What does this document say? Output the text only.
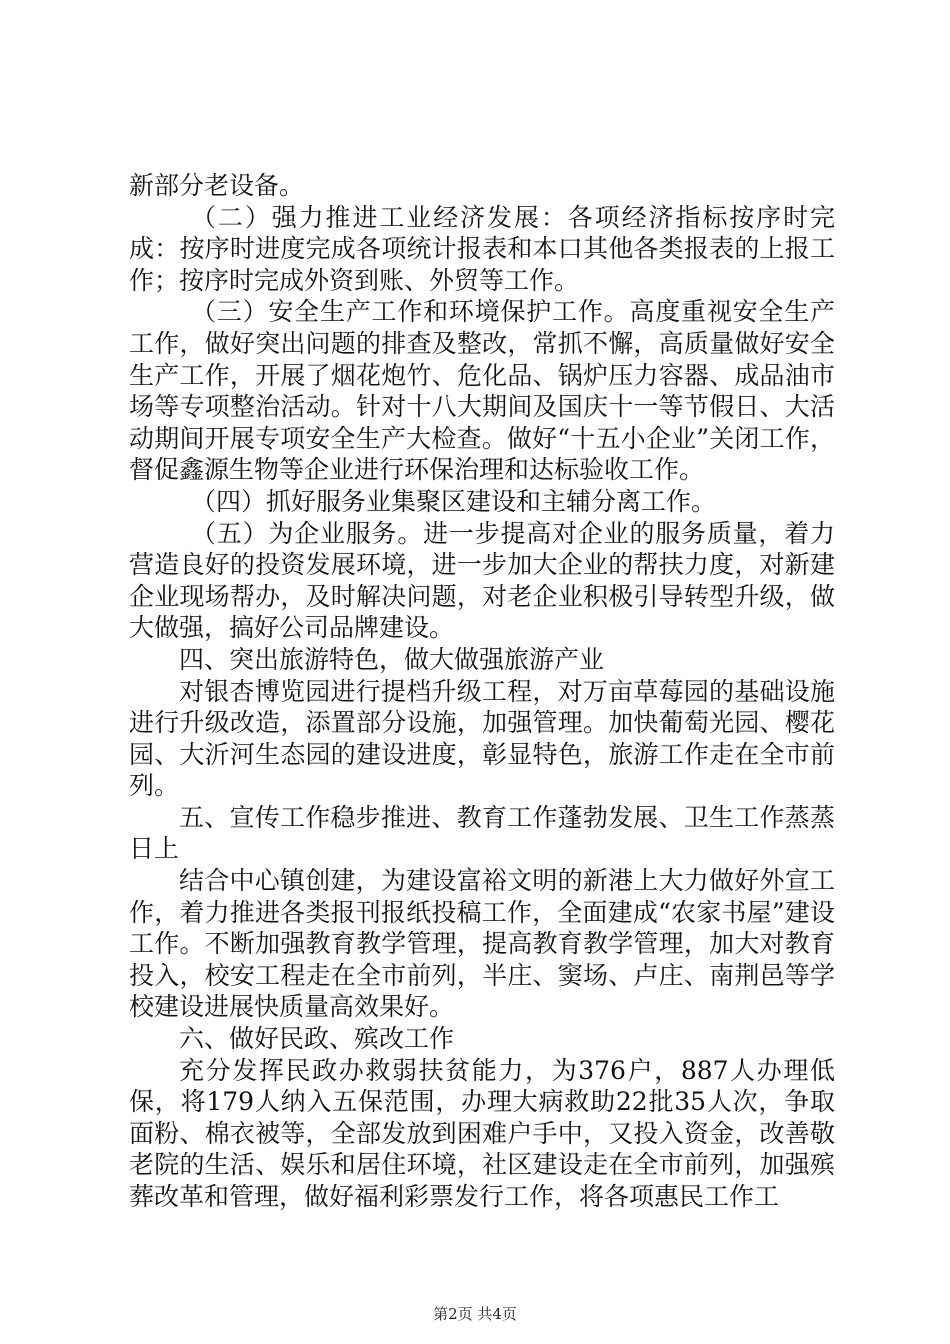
新部分老设备。

（二）强力推进工业经济发展：各项经济指标按序时完成：按序时进度完成各项统计报表和本口其他各类报表的上报工作；按序时完成外资到账、外贸等工作。

（三）安全生产工作和环境保护工作。高度重视安全生产工作，做好突出问题的排查及整改，常抓不懈，高质量做好安全生产工作，开展了烟花炮竹、危化品、锅炉压力容器、成品油市场等专项整治活动。针对十八大期间及国庆十一等节假日、大活动期间开展专项安全生产大检查。做好“十五小企业”关闭工作，督促鑫源生物等企业进行环保治理和达标验收工作。

（四）抓好服务业集聚区建设和主辅分离工作。

（五）为企业服务。进一步提高对企业的服务质量，着力营造良好的投资发展环境，进一步加大企业的帮扶力度，对新建企业现场帮办，及时解决问题，对老企业积极引导转型升级，做大做强，搞好公司品牌建设。

四、突出旅游特色，做大做强旅游产业

对银杏博览园进行提档升级工程，对万亩草莓园的基础设施进行升级改造，添置部分设施，加强管理。加快葡萄光园、樱花园、大沂河生态园的建设进度，彰显特色，旅游工作走在全市前列。

五、宣传工作稳步推进、教育工作蓬勃发展、卫生工作蒸蒸日上

结合中心镇创建，为建设富裕文明的新港上大力做好外宣工作，着力推进各类报刊报纸投稿工作，全面建成“农家书屋”建设工作。不断加强教育教学管理，提高教育教学管理，加大对教育投入，校安工程走在全市前列，半庄、窦场、卢庄、南荆邑等学校建设进展快质量高效果好。

六、做好民政、殡改工作

充分发挥民政办救弱扶贫能力，为376户，887人办理低保，将179人纳入五保范围，办理大病救助22批35人次，争取面粉、棉衣被等，全部发放到困难户手中，又投入资金，改善敬老院的生活、娱乐和居住环境，社区建设走在全市前列，加强殡葬改革和管理，做好福利彩票发行工作，将各项惠民工作工

第2页 共4页
